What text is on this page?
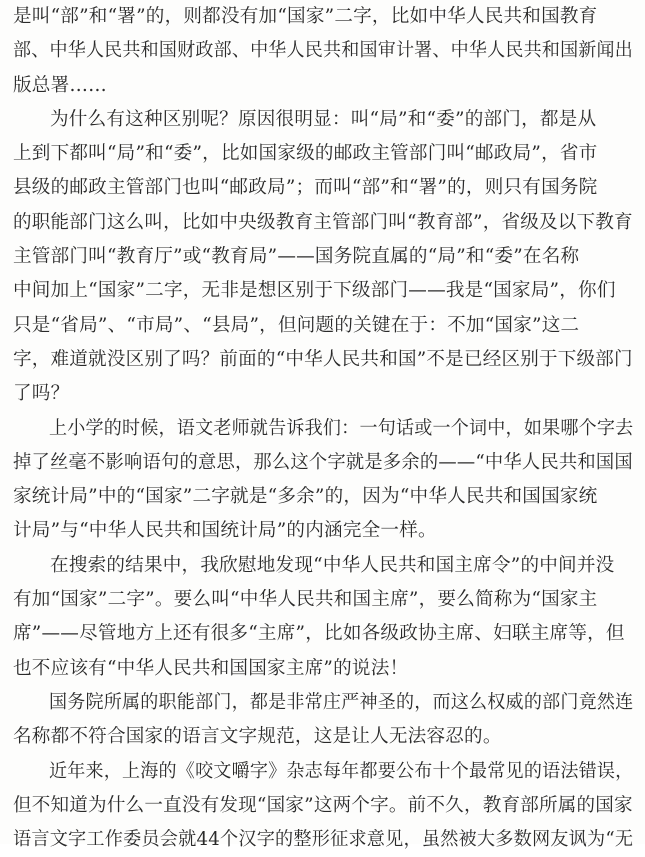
是叫“部”和“署”的，则都没有加“国家”二字，比如中华人民共和国教育
部、中华人民共和国财政部、中华人民共和国审计署、中华人民共和国新闻出
版总署……
为什么有这种区别呢？原因很明显：叫“局”和“委”的部门，都是从
上到下都叫“局”和“委”，比如国家级的邮政主管部门叫“邮政局”，省市
县级的邮政主管部门也叫“邮政局”；而叫“部”和“署”的，则只有国务院
的职能部门这么叫，比如中央级教育主管部门叫“教育部”，省级及以下教育
主管部门叫“教育厅”或“教育局”——国务院直属的“局”和“委”在名称
中间加上“国家”二字，无非是想区别于下级部门——我是“国家局”，你们
只是“省局”、“市局”、“县局”，但问题的关键在于：不加“国家”这二
字，难道就没区别了吗？前面的“中华人民共和国”不是已经区别于下级部门
了吗？
上小学的时候，语文老师就告诉我们：一句话或一个词中，如果哪个字去
掉了丝毫不影响语句的意思，那么这个字就是多余的——“中华人民共和国国
家统计局”中的“国家”二字就是“多余”的，因为“中华人民共和国国家统
计局”与“中华人民共和国统计局”的内涵完全一样。
在搜索的结果中，我欣慰地发现“中华人民共和国主席令”的中间并没
有加“国家”二字”。要么叫“中华人民共和国主席”，要么简称为“国家主
席”——尽管地方上还有很多“主席”，比如各级政协主席、妇联主席等，但
也不应该有“中华人民共和国国家主席”的说法！
国务院所属的职能部门，都是非常庄严神圣的，而这么权威的部门竟然连
名称都不符合国家的语言文字规范，这是让人无法容忍的。
近年来，上海的《咬文嚼字》杂志每年都要公布十个最常见的语法错误，
但不知道为什么一直没有发现“国家”这两个字。前不久，教育部所属的国家
语言文字工作委员会就44个汉字的整形征求意见，虽然被大多数网友讽为“无
